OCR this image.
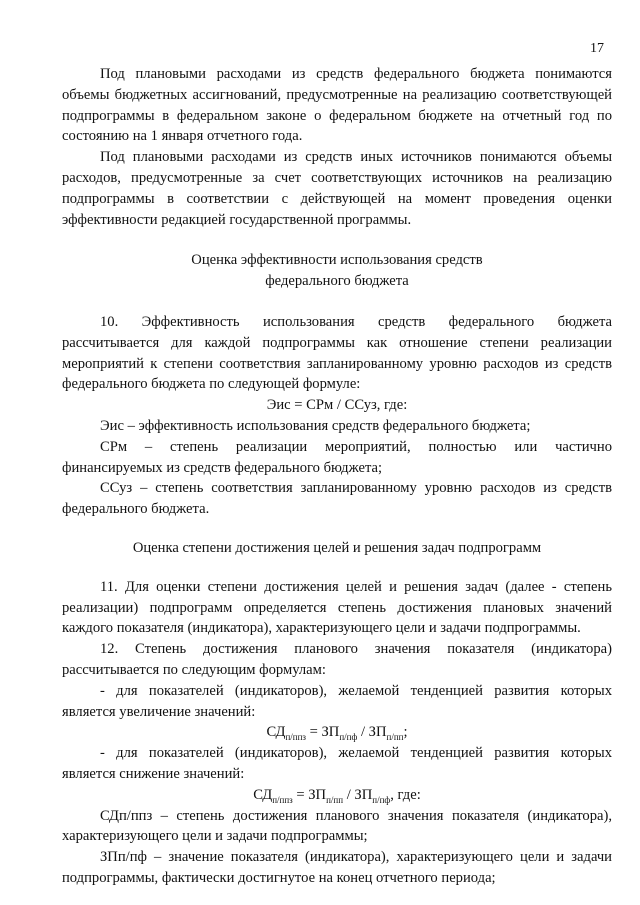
17

Под плановыми расходами из средств федерального бюджета понимаются объемы бюджетных ассигнований, предусмотренные на реализацию соответствующей подпрограммы в федеральном законе о федеральном бюджете на отчетный год по состоянию на 1 января отчетного года.

Под плановыми расходами из средств иных источников понимаются объемы расходов, предусмотренные за счет соответствующих источников на реализацию подпрограммы в соответствии с действующей на момент проведения оценки эффективности редакцией государственной программы.

Оценка эффективности использования средств
федерального бюджета

10. Эффективность использования средств федерального бюджета рассчитывается для каждой подпрограммы как отношение степени реализации мероприятий к степени соответствия запланированному уровню расходов из средств федерального бюджета по следующей формуле:

Эис = СРм / ССуз, где:

Эис – эффективность использования средств федерального бюджета;

СРм – степень реализации мероприятий, полностью или частично финансируемых из средств федерального бюджета;

ССуз – степень соответствия запланированному уровню расходов из средств федерального бюджета.

Оценка степени достижения целей и решения задач подпрограмм

11. Для оценки степени достижения целей и решения задач (далее - степень реализации) подпрограмм определяется степень достижения плановых значений каждого показателя (индикатора), характеризующего цели и задачи подпрограммы.

12. Степень достижения планового значения показателя (индикатора) рассчитывается по следующим формулам:

- для показателей (индикаторов), желаемой тенденцией развития которых является увеличение значений:

$СД_{п/ппз} = ЗП_{п/пф} / ЗП_{п/пп}$;

- для показателей (индикаторов), желаемой тенденцией развития которых является снижение значений:

$СД_{п/ппз} = ЗП_{п/пп} / ЗП_{п/пф}$, где:

СДп/ппз – степень достижения планового значения показателя (индикатора), характеризующего цели и задачи подпрограммы;

ЗПп/пф – значение показателя (индикатора), характеризующего цели и задачи подпрограммы, фактически достигнутое на конец отчетного периода;
